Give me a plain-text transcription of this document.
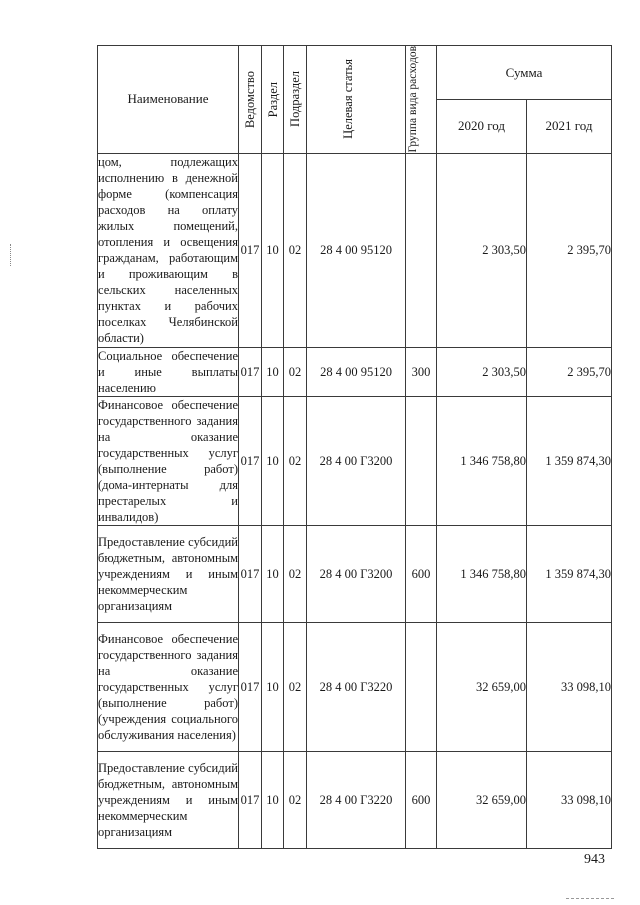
Наименование	Ведомство	Раздел	Подраздел	Целевая статья	Группа вида расходов	Сумма	
						2020 год	2021 год
цом, подлежащих исполнению в денежной форме (компенсация расходов на оплату жилых помещений, отопления и освещения гражданам, работающим и проживающим в сельских населенных пунктах и рабочих поселках Челябинской области)	017	10	02	28 4 00 95120		2 303,50	2 395,70
Социальное обеспечение и иные выплаты населению	017	10	02	28 4 00 95120	300	2 303,50	2 395,70
Финансовое обеспечение государственного задания на оказание государственных услуг (выполнение работ) (дома-интернаты для престарелых и инвалидов)	017	10	02	28 4 00 Г3200		1 346 758,80	1 359 874,30
Предоставление субсидий бюджетным, автономным учреждениям и иным некоммерческим организациям	017	10	02	28 4 00 Г3200	600	1 346 758,80	1 359 874,30
Финансовое обеспечение государственного задания на оказание государственных услуг (выполнение работ) (учреждения социального обслуживания населения)	017	10	02	28 4 00 Г3220		32 659,00	33 098,10
Предоставление субсидий бюджетным, автономным учреждениям и иным некоммерческим организациям	017	10	02	28 4 00 Г3220	600	32 659,00	33 098,10
943
